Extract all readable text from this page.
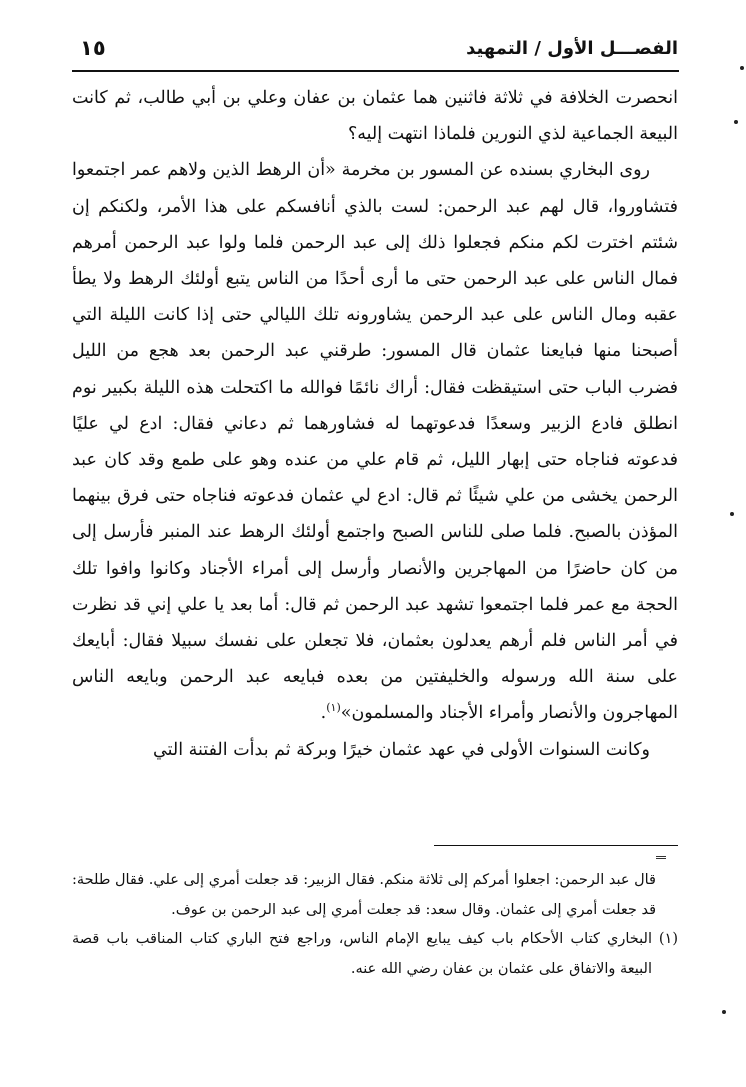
الفصـــل الأول / التمهيد
١٥

انحصرت الخلافة في ثلاثة فاثنين هما عثمان بن عفان وعلي بن أبي طالب، ثم كانت البيعة الجماعية لذي النورين فلماذا انتهت إليه؟

روى البخاري بسنده عن المسور بن مخرمة «أن الرهط الذين ولاهم عمر اجتمعوا فتشاوروا، قال لهم عبد الرحمن: لست بالذي أنافسكم على هذا الأمر، ولكنكم إن شئتم اخترت لكم منكم فجعلوا ذلك إلى عبد الرحمن فلما ولوا عبد الرحمن أمرهم فمال الناس على عبد الرحمن حتى ما أرى أحدًا من الناس يتبع أولئك الرهط ولا يطأ عقبه ومال الناس على عبد الرحمن يشاورونه تلك الليالي حتى إذا كانت الليلة التي أصبحنا منها فبايعنا عثمان قال المسور: طرقني عبد الرحمن بعد هجع من الليل فضرب الباب حتى استيقظت فقال: أراك نائمًا فوالله ما اكتحلت هذه الليلة بكبير نوم انطلق فادع الزبير وسعدًا فدعوتهما له فشاورهما ثم دعاني فقال: ادع لي عليًا فدعوته فناجاه حتى إبهار الليل، ثم قام علي من عنده وهو على طمع وقد كان عبد الرحمن يخشى من علي شيئًا ثم قال: ادع لي عثمان فدعوته فناجاه حتى فرق بينهما المؤذن بالصبح. فلما صلى للناس الصبح واجتمع أولئك الرهط عند المنبر فأرسل إلى من كان حاضرًا من المهاجرين والأنصار وأرسل إلى أمراء الأجناد وكانوا وافوا تلك الحجة مع عمر فلما اجتمعوا تشهد عبد الرحمن ثم قال: أما بعد يا علي إني قد نظرت في أمر الناس فلم أرهم يعدلون بعثمان، فلا تجعلن على نفسك سبيلا فقال: أبايعك على سنة الله ورسوله والخليفتين من بعده فبايعه عبد الرحمن وبايعه الناس المهاجرون والأنصار وأمراء الأجناد والمسلمون»$^{(١)}$.

وكانت السنوات الأولى في عهد عثمان خيرًا وبركة ثم بدأت الفتنة التي

قال عبد الرحمن: اجعلوا أمركم إلى ثلاثة منكم. فقال الزبير: قد جعلت أمري إلى علي. فقال طلحة: قد جعلت أمري إلى عثمان. وقال سعد: قد جعلت أمري إلى عبد الرحمن بن عوف.

(١)
البخاري كتاب الأحكام باب كيف يبايع الإمام الناس، وراجع فتح الباري كتاب المناقب باب قصة البيعة والاتفاق على عثمان بن عفان رضي الله عنه.
